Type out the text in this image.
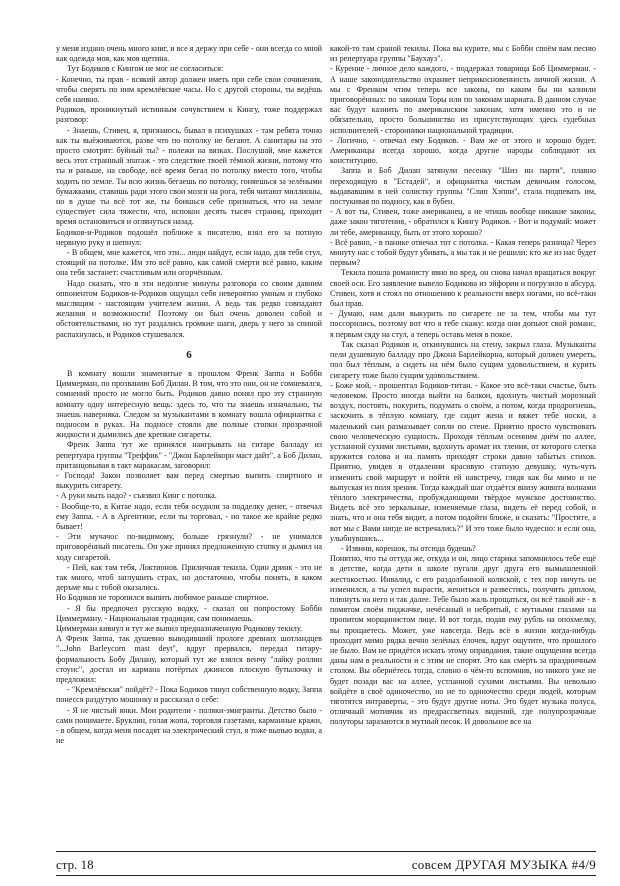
у меня издано очень много книг, и все я держу при себе - они всегда со мной как одежда моя, как моя щетина.

Тут Бодиков с Кингом не мог не согласиться:

- Конечно, ты прав - всякий автор должен иметь при себе свои сочинения, чтобы сверять по ним кремлёвские часы. Но с другой стороны, ты ведёшь себя наивно.

Родиков, проникнутый истинным сочувствием к Кингу, тоже поддержал разговор:

- Знаешь, Стивен, я, признаюсь, бывал в психушках - там ребята точно как ты выёживаются, разве что по потолку не бегают. А санитары на это просто смотрят: буйный ты? - полежи на вязках. Послушай, мне кажется весь этот странный эпатаж - это следствие твоей тёмной жизни, потому что ты и раньше, на свободе, всё время бегал по потолку вместо того, чтобы ходить по земле. Ты всю жизнь бегаешь по потолку, гоняешься за зелёными бумажками, ставишь ради этого свои мозги на рога, тебя читают миллионы, но в душе ты всё тот же, ты боишься себе признаться, что на земле существует сила тяжести, что, испокон десять тысяч страниц, приходит время остановиться и оглянуться назад.

Бодиков-и-Родиков подошёл поближе к писателю, взял его за потную нервную руку и шепнул:

- В общем, мне кажется, что эти... люди найдут, если надо, для тебя стул, стоящий на потолке. Им это всё равно, как самой смерти всё равно, каким она тебя застанет: счастливым или огорчённым.

Надо сказать, что в эти недолгие минуты разговора со своим давним оппонентом Бодиков-и-Родиков ощущал себя невероятно умным и глубоко мыслящим - настоящим учителем жизни. А ведь так редко совпадают желания и возможности! Поэтому он был очень доволен собой и обстоятельствами, но тут раздались громкие шаги, дверь у него за спиной распахнулась, и Родиков стушевался.

6

В комнату вошли знаменитые в прошлом Френк Заппа и Бобби Циммерман, по прозванию Боб Дилан. В том, что это они, он не сомневался, сомнений просто не могло быть. Родиков давно понял про эту странную комнату одну интересную вещь: здесь то, что ты знаешь изначально, ты знаешь наверняка. Следом за музыкантами в комнату вошла официантка с подносом в руках. На подносе стояли две полные стопки прозрачной жидкости и дымились две крепкие сигареты.

Френк Заппа тут же принялся наигрывать на гитаре балладу из репертуара группы "Треффик" - "Джон Барлейкорн маст дайт", а Боб Дилан, пританцовывая в такт маракасам, заговорил:

- Господа! Закон позволяет вам перед смертью выпить спиртного и выкурить сигарету.

- А руки мыть надо? - съязвил Кинг с потолка.

- Вообще-то, в Китае надо, если тебя осудили за подделку денег, - отвечал ему Заппа. - А в Аргентине, если ты торговал, - но такое же крайне редко бывает!

- Эти мучачос по-видимому, больше грязнули? - не унимался приговорённый писатель. Он уже принял предложенную стопку и дымил на ходу сигаретой.

- Пей, как там тебя, Локтионов. Приличная текила. Один дринк - это не так много, чтоб заглушить страх, но достаточно, чтобы понять, в каком деръме мы с тобой оказались.

Но Бодиков не торопился выпить любимое раньше спиртное.

- Я бы предпочел русскую водку, - сказал он попростому Бобби Циммерману. - Национальная традиция, сам понимаешь.

Циммерман кивнул и тут же выпил предназначенную Родикову текилу.

А Френк Заппа, так душевно выводивший прологе древних шотландцев "...John Barleycorn mast deyt", вдруг прервался, передал гитару-формальность Бобу Дилану, который тут же взялся венчу "лайку роллин стоунс", достал из кармана потёртых джинсов плоскую бутылочку и предложил:

- "Кремлёвская" пойдёт? - Пока Бодиков тянул собственную водку, Заппа понесся раздутую мошонку и рассказал о себе:

- Я не чистый янки. Мои родители - поляки-эмигранты. Детство было - сами понимаете. Бруклин, голая жопа, торговля газетами, карманные кражи, - в общем, когда меня посадят на электрический стул, я тоже выпью водки, а не

какой-то там сраной текилы. Пока вы курите, мы с Бобби споём вам песню из репертуара группы "Баухауз".

- Курение - личное дело каждого, - поддержал товарища Боб Циммерман. - А наше законодательство охраняет неприкосновенность личной жизни. А мы с Френком чтим теперь все законы, по каким бы ни казнили приговорённых: по законам Торы или по законам шариата. В данном случае вас будут казнить по американским законам, хотя именно это и не обязательно, просто большинство из присутствующих здесь судебных исполнителей - сторонники национальной традиции.

- Логично, - отвечал ему Бодиков. - Вам же от этого и хорошо будет. Американцы всегда хорошо, когда другие народы соблюдают их конституцию.

Заппа и Боб Дилан затянули песенку "Шиз ин парти", плавно переходящую в "Естадей", и официантка чистым девичьим голосом, выдававшим в ней солистку группы "Слип Хэппи", стала подпевать им, постукивая по подносу, как в бубен.

- А вот ты, Стивен, тоже американец, а не чтишь вообще никакие законы, даже закон тяготения, - обратился к Кингу Родиков. - Вот и подумай: может ли тебе, американцу, быть от этого хорошо?

- Всё равно, - в панике отвечал тот с потолка. - Какая теперь разница? Через минуту нас с тобой будут убивать, а мы так и не решили: кто же из нас будет первым?

Текила пошла романисту явно во вред, он снова начал вращаться вокруг своей оси. Его заявление вывело Бодикова из эйфории и погрузило в абсурд. Стивен, хотя и стоял по отношению к реальности вверх ногами, но всё-таки был прав.

- Думаю, нам дали выкурить по сигарете не за тем, чтобы мы тут поссорились, поэтому вот что я тебе скажу: когда они допьют свой романс, я первым сяду на стул, а теперь оставь меня в покое.

Так сказал Родиков и, откинувшись на стену, закрыл глаза. Музыканты пели душевную балладу про Джона Барлейкорна, который должен умереть, пол был тёплым, а сидеть на нём было сущим удовольствием, и курить сигарету тоже было сущим удовольствием.

- Боже мой, - прошептал Бодиков-титан. - Какое это всё-таки счастье, быть человеком. Просто иногда выйти на балкон, вдохнуть чистый морозный воздух, постоять, покурить, подумать о своём, а потом, когда продрогнешь, заскочить в тёплую комнату, где сидит жена и вяжет тебе носки, а маленький сын размазывает сопли по стене. Приятно просто чувствовать свою человеческую сущность. Проходя тёплым осенним днём по аллее, устланной сухими листьями, вдохнуть аромат их тления, от которого слегка кружится голова и на память приходят строки давно забытых стихов. Приятно, увидев в отдалении красивую статную девушку, чуть-чуть изменить свой маршрут и пойти ей навстречу, глядя как бы мимо и не выпуская из поля зрения. Тогда каждый шаг отдаётся внизу живота волнами тёплого электричества, пробуждающими твёрдое мужское достоинство. Видеть всё это зеркальные, изменяемые глаза, видеть её перед собой, и знать, что и она тебя видит, а потом подойти ближе, и сказать: "Простите, а вот мы с Вами нигде не встречались?" И это тоже было чудесно: и если она, улыбнувшись...

- Извини, корешок, ты отсюда будешь?

Понятно, что ты оттуда же, откуда и он, лицо старика запомнилось тебе ещё в детстве, когда дети в школе пугали друг друга его вымышленной жестокостью. Инвалид, с его раздолбанной коляской, с тех пор ничуть не изменился, а ты успел вырасти, жениться и развестись, получить диплом, плюнуть на него и так далее. Тебе было жаль прощаться, он всё такой же - в помятом своём пиджачке, нечёсаный и небритый, с мутными глазами на пропитом морщинистом лице. И вот тогда, подав ему рубль на опохмелку, вы прощаетесь. Может, уже навсегда. Ведь всё в жизни когда-нибудь проходит мимо рядка вечно зелёных ёлочек, вдруг ощутите, что прошлого не было. Вам не придётся искать этому оправдания, такие ощущения всегда даны нам в реальности и с этим не спорят. Это как смерть за праздничным столом. Вы обернётесь тогда, словно о чём-то вспомнив, но никого уже не будет позади вас на аллее, устланной сухими листьями. Вы невольно войдёте в своё одиночество, но не то одиночество среди людей, которым тяготятся интраверты, - это будут другие ноты. Это будет музыка полуса, отличный мотивчик из предрассветных видений, где полупрозрачные полуторы заразаются в мутный песок. И довольное все на

стр. 18	совсем ДРУГАЯ МУЗЫКА #4/9
